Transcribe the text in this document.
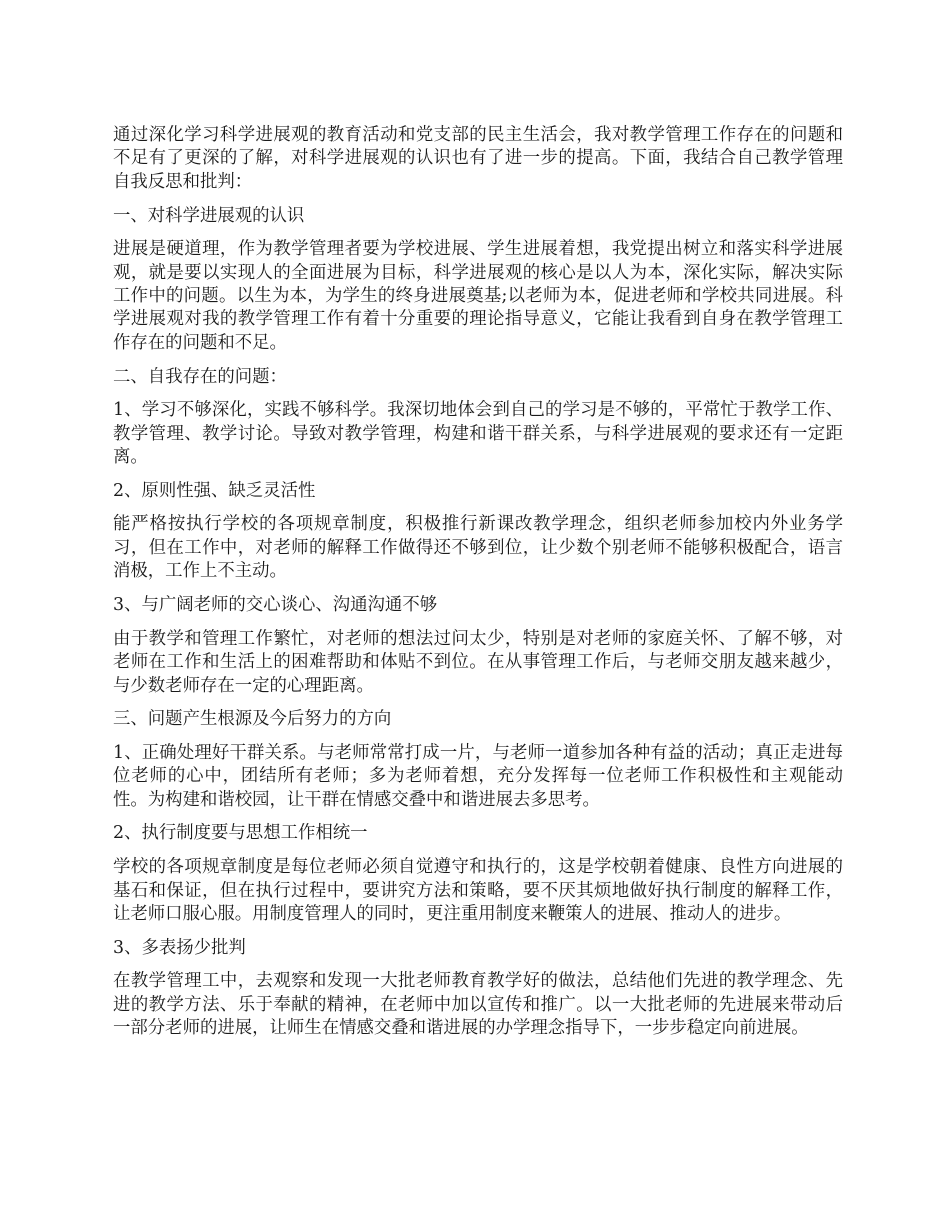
通过深化学习科学进展观的教育活动和党支部的民主生活会，我对教学管理工作存在的问题和不足有了更深的了解，对科学进展观的认识也有了进一步的提高。下面，我结合自己教学管理自我反思和批判：

一、对科学进展观的认识

进展是硬道理，作为教学管理者要为学校进展、学生进展着想，我党提出树立和落实科学进展观，就是要以实现人的全面进展为目标，科学进展观的核心是以人为本，深化实际，解决实际工作中的问题。以生为本，为学生的终身进展奠基;以老师为本，促进老师和学校共同进展。科学进展观对我的教学管理工作有着十分重要的理论指导意义，它能让我看到自身在教学管理工作存在的问题和不足。

二、自我存在的问题：

1、学习不够深化，实践不够科学。我深切地体会到自己的学习是不够的，平常忙于教学工作、教学管理、教学讨论。导致对教学管理，构建和谐干群关系，与科学进展观的要求还有一定距离。

2、原则性强、缺乏灵活性

能严格按执行学校的各项规章制度，积极推行新课改教学理念，组织老师参加校内外业务学习，但在工作中，对老师的解释工作做得还不够到位，让少数个别老师不能够积极配合，语言消极，工作上不主动。

3、与广阔老师的交心谈心、沟通沟通不够

由于教学和管理工作繁忙，对老师的想法过问太少，特别是对老师的家庭关怀、了解不够，对老师在工作和生活上的困难帮助和体贴不到位。在从事管理工作后，与老师交朋友越来越少，与少数老师存在一定的心理距离。

三、问题产生根源及今后努力的方向

1、正确处理好干群关系。与老师常常打成一片，与老师一道参加各种有益的活动；真正走进每位老师的心中，团结所有老师；多为老师着想，充分发挥每一位老师工作积极性和主观能动性。为构建和谐校园，让干群在情感交叠中和谐进展去多思考。

2、执行制度要与思想工作相统一

学校的各项规章制度是每位老师必须自觉遵守和执行的，这是学校朝着健康、良性方向进展的基石和保证，但在执行过程中，要讲究方法和策略，要不厌其烦地做好执行制度的解释工作，让老师口服心服。用制度管理人的同时，更注重用制度来鞭策人的进展、推动人的进步。

3、多表扬少批判

在教学管理工中，去观察和发现一大批老师教育教学好的做法，总结他们先进的教学理念、先进的教学方法、乐于奉献的精神，在老师中加以宣传和推广。以一大批老师的先进展来带动后一部分老师的进展，让师生在情感交叠和谐进展的办学理念指导下，一步步稳定向前进展。
